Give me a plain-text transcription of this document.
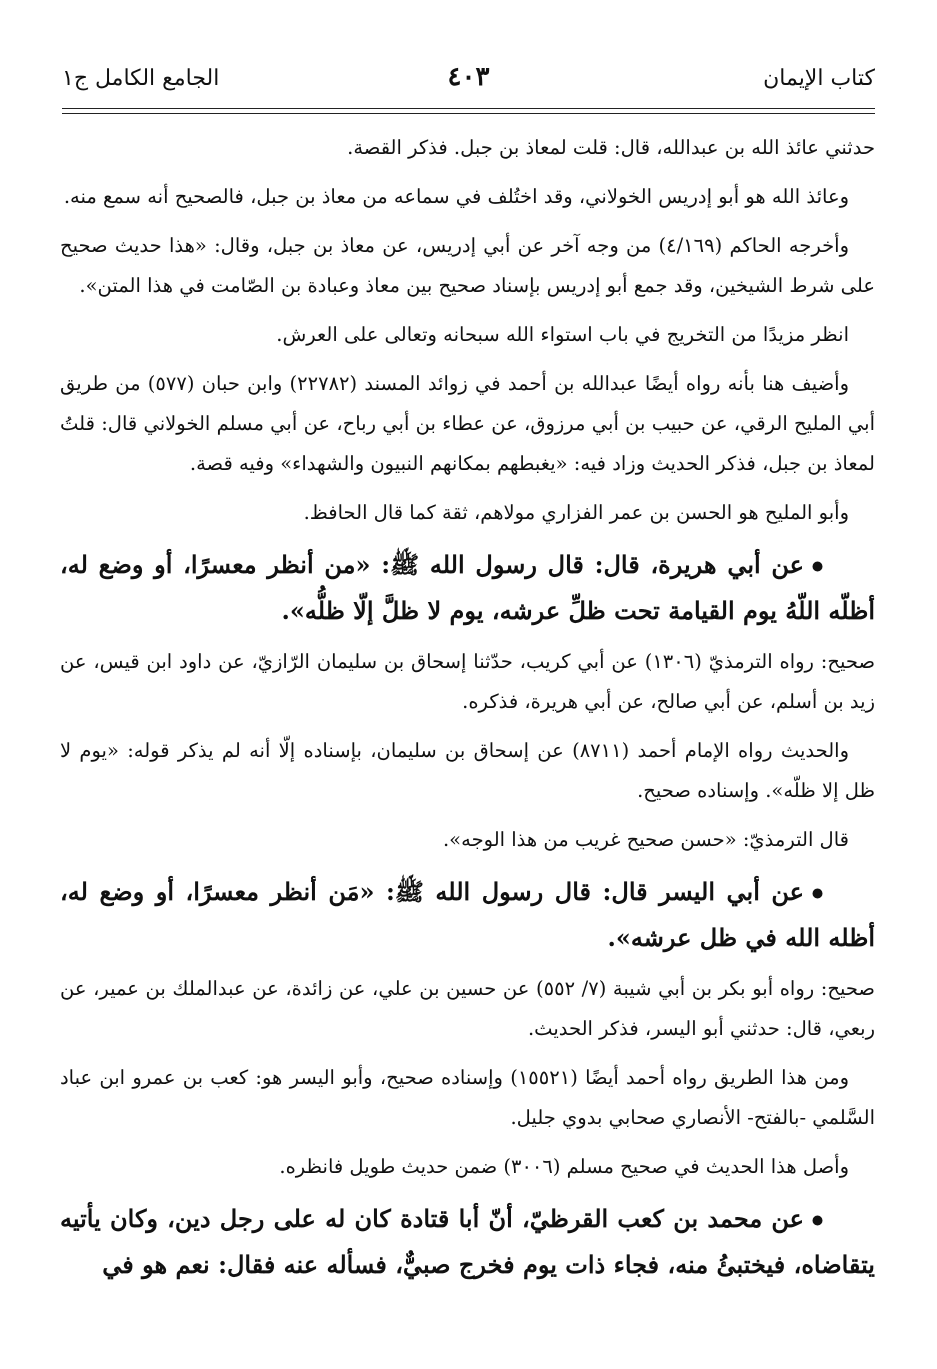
كتاب الإيمان
٤٠٣
الجامع الكامل ج١

حدثني عائذ الله بن عبدالله، قال: قلت لمعاذ بن جبل. فذكر القصة.

وعائذ الله هو أبو إدريس الخولاني، وقد اختُلف في سماعه من معاذ بن جبل، فالصحيح أنه سمع منه.

وأخرجه الحاكم (٤/١٦٩) من وجه آخر عن أبي إدريس، عن معاذ بن جبل، وقال: «هذا حديث صحيح على شرط الشيخين، وقد جمع أبو إدريس بإسناد صحيح بين معاذ وعبادة بن الصّامت في هذا المتن».

انظر مزيدًا من التخريج في باب استواء الله سبحانه وتعالى على العرش.

وأضيف هنا بأنه رواه أيضًا عبدالله بن أحمد في زوائد المسند (٢٢٧٨٢) وابن حبان (٥٧٧) من طريق أبي المليح الرقي، عن حبيب بن أبي مرزوق، عن عطاء بن أبي رباح، عن أبي مسلم الخولاني قال: قلتُ لمعاذ بن جبل، فذكر الحديث وزاد فيه: «يغبطهم بمكانهم النبيون والشهداء» وفيه قصة.

وأبو المليح هو الحسن بن عمر الفزاري مولاهم، ثقة كما قال الحافظ.

عن أبي هريرة، قال: قال رسول الله ﷺ: «من أنظر معسرًا، أو وضع له، أظلّه اللّهُ يوم القيامة تحت ظلِّ عرشه، يوم لا ظلَّ إلّا ظلُّه».

صحيح: رواه الترمذيّ (١٣٠٦) عن أبي كريب، حدّثنا إسحاق بن سليمان الرّازيّ، عن داود ابن قيس، عن زيد بن أسلم، عن أبي صالح، عن أبي هريرة، فذكره.

والحديث رواه الإمام أحمد (٨٧١١) عن إسحاق بن سليمان، بإسناده إلّا أنه لم يذكر قوله: «يوم لا ظل إلا ظلّه». وإسناده صحيح.

قال الترمذيّ: «حسن صحيح غريب من هذا الوجه».

عن أبي اليسر قال: قال رسول الله ﷺ: «مَن أنظر معسرًا، أو وضع له، أظله الله في ظل عرشه».

صحيح: رواه أبو بكر بن أبي شيبة (٧/ ٥٥٢) عن حسين بن علي، عن زائدة، عن عبدالملك بن عمير، عن ربعي، قال: حدثني أبو اليسر، فذكر الحديث.

ومن هذا الطريق رواه أحمد أيضًا (١٥٥٢١) وإسناده صحيح، وأبو اليسر هو: كعب بن عمرو ابن عباد السَّلمي -بالفتح- الأنصاري صحابي بدوي جليل.

وأصل هذا الحديث في صحيح مسلم (٣٠٠٦) ضمن حديث طويل فانظره.

عن محمد بن كعب القرظيّ، أنّ أبا قتادة كان له على رجل دين، وكان يأتيه يتقاضاه، فيختبئُ منه، فجاء ذات يوم فخرج صبيٌّ، فسأله عنه فقال: نعم هو في
